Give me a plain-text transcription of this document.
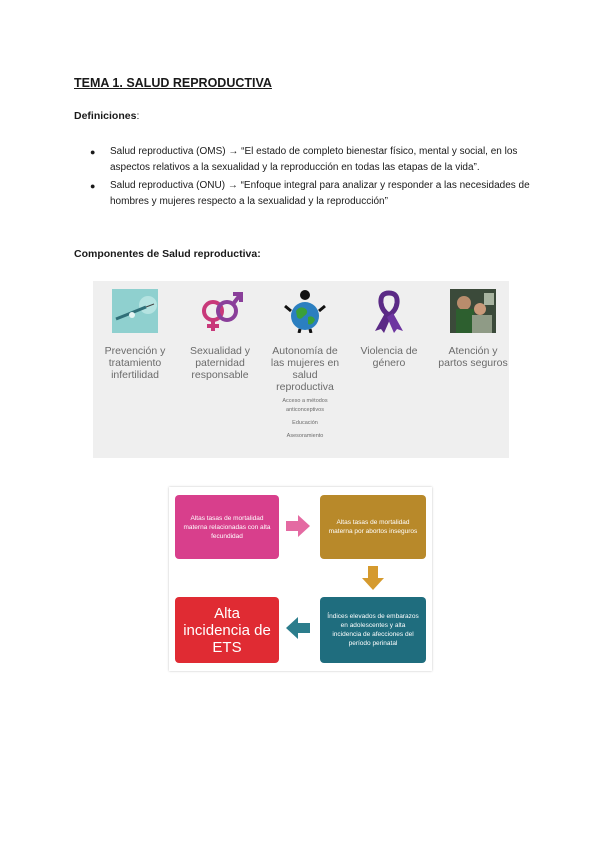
TEMA 1. SALUD REPRODUCTIVA
Definiciones:
● Salud reproductiva (OMS) → “El estado de completo bienestar físico, mental y social, en los aspectos relativos a la sexualidad y la reproducción en todas las etapas de la vida”.
● Salud reproductiva (ONU) → “Enfoque integral para analizar y responder a las necesidades de hombres y mujeres respecto a la sexualidad y la reproducción”
Componentes de Salud reproductiva:
Prevención y tratamiento infertilidad
Sexualidad y paternidad responsable
Autonomía de las mujeres en salud reproductiva
Acceso a métodos anticonceptivos
Educación
Asesoramiento
Violencia de género
Atención y partos seguros
Altas tasas de mortalidad materna relacionadas con alta fecundidad
Altas tasas de mortalidad materna por abortos inseguros
Índices elevados de embarazos en adolescentes y alta incidencia de afecciones del período perinatal
Alta incidencia de ETS
